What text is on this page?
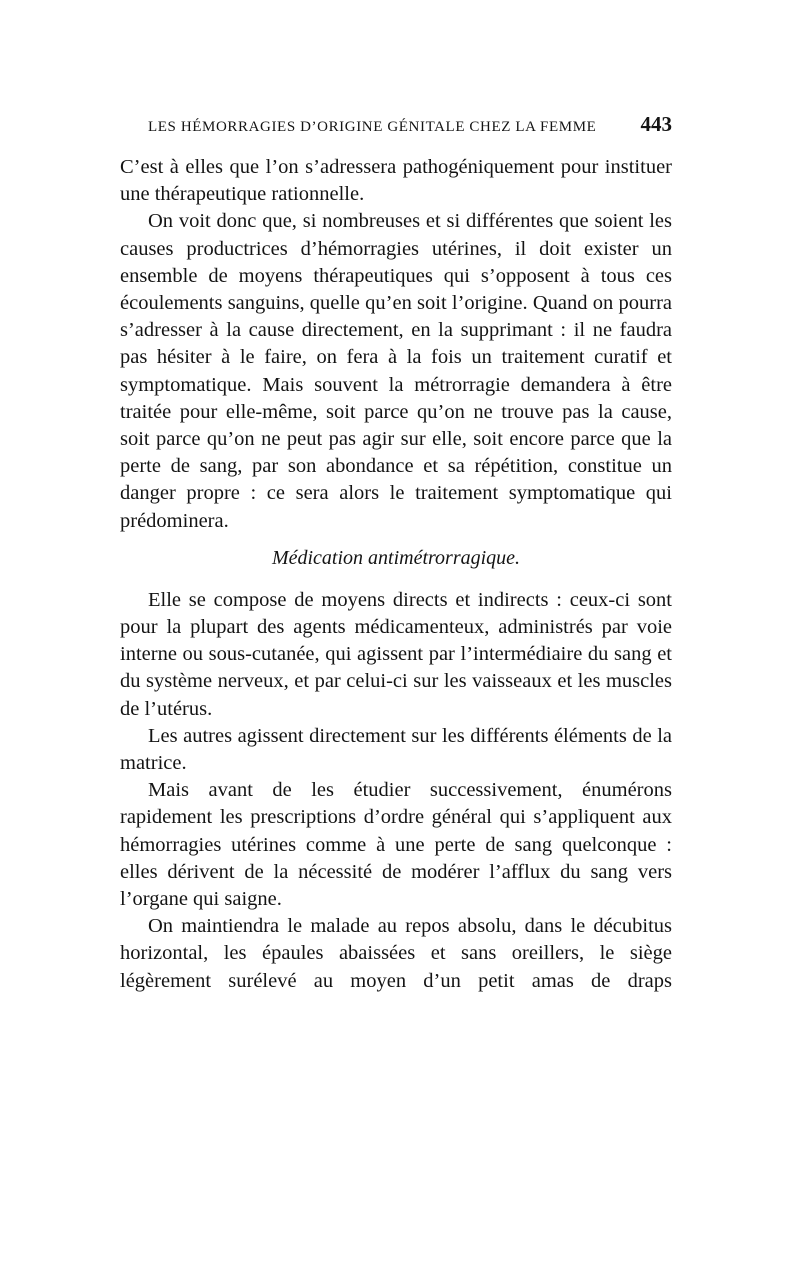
LES HÉMORRAGIES D’ORIGINE GÉNITALE CHEZ LA FEMME 443

C’est à elles que l’on s’adressera pathogéniquement pour instituer une thérapeutique rationnelle.

On voit donc que, si nombreuses et si différentes que soient les causes productrices d’hémorragies utérines, il doit exister un ensemble de moyens thérapeutiques qui s’opposent à tous ces écoulements sanguins, quelle qu’en soit l’origine. Quand on pourra s’adresser à la cause directement, en la supprimant : il ne faudra pas hésiter à le faire, on fera à la fois un traitement curatif et symptomatique. Mais souvent la métrorragie demandera à être traitée pour elle-même, soit parce qu’on ne trouve pas la cause, soit parce qu’on ne peut pas agir sur elle, soit encore parce que la perte de sang, par son abondance et sa répétition, constitue un danger propre : ce sera alors le traitement symptomatique qui prédominera.

Médication antimétrorragique.

Elle se compose de moyens directs et indirects : ceux-ci sont pour la plupart des agents médicamenteux, administrés par voie interne ou sous-cutanée, qui agissent par l’intermédiaire du sang et du système nerveux, et par celui-ci sur les vaisseaux et les muscles de l’utérus.

Les autres agissent directement sur les différents éléments de la matrice.

Mais avant de les étudier successivement, énumérons rapidement les prescriptions d’ordre général qui s’appliquent aux hémorragies utérines comme à une perte de sang quelconque : elles dérivent de la nécessité de modérer l’afflux du sang vers l’organe qui saigne.

On maintiendra le malade au repos absolu, dans le décubitus horizontal, les épaules abaissées et sans oreillers, le siège légèrement surélevé au moyen d’un petit amas de draps
